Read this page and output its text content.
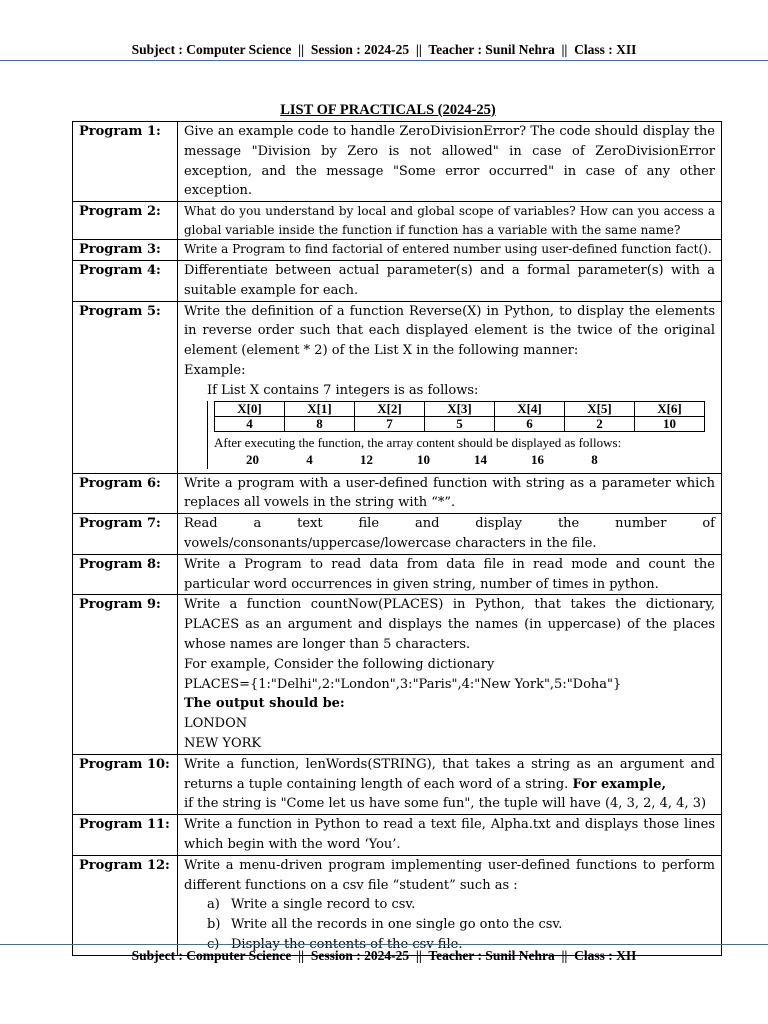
Subject : Computer Science  ||  Session : 2024-25  ||  Teacher : Sunil Nehra  ||  Class : XII
LIST OF PRACTICALS (2024-25)
Program 1:	Give an example code to handle ZeroDivisionError? The code should display the message "Division by Zero is not allowed" in case of ZeroDivisionError exception, and the message "Some error occurred" in case of any other exception.
Program 2:	What do you understand by local and global scope of variables? How can you access a global variable inside the function if function has a variable with the same name?
Program 3:	Write a Program to find factorial of entered number using user-defined function fact().
Program 4:	Differentiate between actual parameter(s) and a formal parameter(s) with a suitable example for each.
Program 5:	Write the definition of a function Reverse(X) in Python, to display the elements in reverse order such that each displayed element is the twice of the original element (element * 2) of the List X in the following manner:
Example:
If List X contains 7 integers is as follows:
X[0]	X[1]	X[2]	X[3]	X[4]	X[5]	X[6]
4	8	7	5	6	2	10
After executing the function, the array content should be displayed as follows:
20	4	12	10	14	16	8

Program 6:	Write a program with a user-defined function with string as a parameter which replaces all vowels in the string with “*”.
Program 7:	Read a text file and display the number of
vowels/consonants/uppercase/lowercase characters in the file.

Program 8:	Write a Program to read data from data file in read mode and count the particular word occurrences in given string, number of times in python.
Program 9:	Write a function countNow(PLACES) in Python, that takes the dictionary, PLACES as an argument and displays the names (in uppercase) of the places whose names are longer than 5 characters.
For example, Consider the following dictionary
PLACES={1:"Delhi",2:"London",3:"Paris",4:"New York",5:"Doha"}
The output should be:
LONDON
NEW YORK

Program 10:	Write a function, lenWords(STRING), that takes a string as an argument and returns a tuple containing length of each word of a string. For example,
if the string is "Come let us have some fun", the tuple will have (4, 3, 2, 4, 4, 3)

Program 11:	Write a function in Python to read a text file, Alpha.txt and displays those lines which begin with the word ‘You’.
Program 12:	Write a menu-driven program implementing user-defined functions to perform different functions on a csv file “student” such as :
a) Write a single record to csv.
b) Write all the records in one single go onto the csv.
c) Display the contents of the csv file.
Subject : Computer Science  ||  Session : 2024-25  ||  Teacher : Sunil Nehra  ||  Class : XII
